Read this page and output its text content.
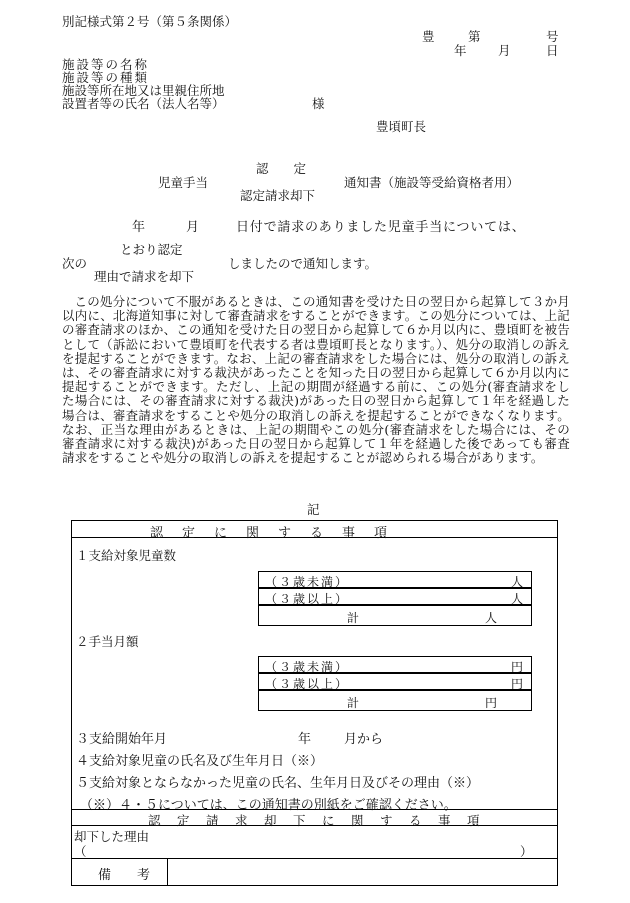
別記様式第２号（第５条関係）
豊	第	号
年	月	日
施設等の名称
施設等の種類
施設等所在地又は里親住所地
設置者等の氏名（法人名等）	様
豊頃町長
認　　定
児童手当	通知書（施設等受給資格者用）
認定請求却下
年	月	日付で請求のありました児童手当については、
とおり認定
次の	しましたので通知します。
理由で請求を却下
この処分について不服があるときは、この通知書を受けた日の翌日から起算して３か月以内に、北海道知事に対して審査請求をすることができます。この処分については、上記の審査請求のほか、この通知を受けた日の翌日から起算して６か月以内に、豊頃町を被告として（訴訟において豊頃町を代表する者は豊頃町長となります。）、処分の取消しの訴えを提起することができます。なお、上記の審査請求をした場合には、処分の取消しの訴えは、その審査請求に対する裁決があったことを知った日の翌日から起算して６か月以内に提起することができます。ただし、上記の期間が経過する前に、この処分(審査請求をした場合には、その審査請求に対する裁決)があった日の翌日から起算して１年を経過した場合は、審査請求をすることや処分の取消しの訴えを提起することができなくなります。なお、正当な理由があるときは、上記の期間やこの処分(審査請求をした場合には、その審査請求に対する裁決)があった日の翌日から起算して１年を経過した後であっても審査請求をすることや処分の取消しの訴えを提起することが認められる場合があります。
記
認　定　に　関　す　る　事　項
１支給対象児童数
（３歳未満）	人
（３歳以上）	人
計	人
２手当月額
（３歳未満）	円
（３歳以上）	円
計	円
３支給開始年月	年	月から
４支給対象児童の氏名及び生年月日（※）
５支給対象とならなかった児童の氏名、生年月日及びその理由（※）
（※）４・５については、この通知書の別紙をご確認ください。
認　定　請　求　却　下　に　関　す　る　事　項
却下した理由
（	）
備　　考
